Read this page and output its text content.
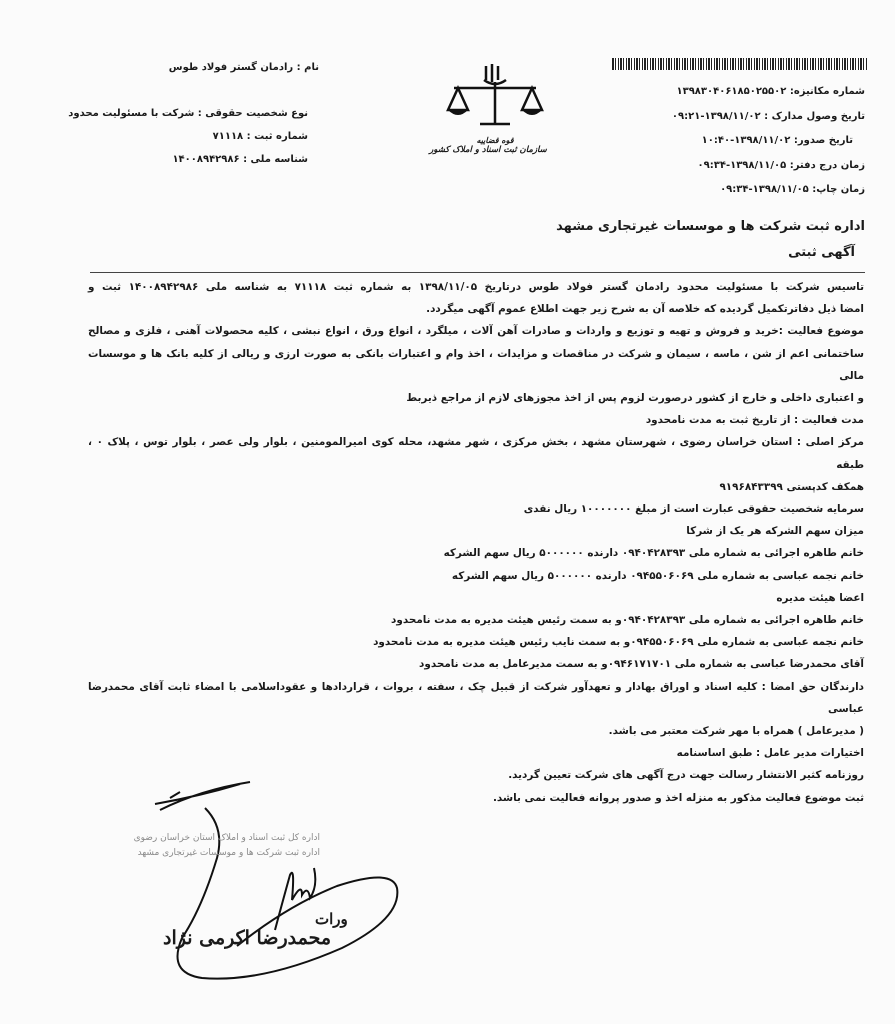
شماره مکانیزه: ۱۳۹۸۳۰۴۰۶۱۸۵۰۲۵۵۰۲
تاریخ وصول مدارک : ۱۳۹۸/۱۱/۰۲-۰۹:۲۱
تاریخ صدور: ۱۳۹۸/۱۱/۰۲-۱۰:۴۰
زمان درج دفتر: ۱۳۹۸/۱۱/۰۵-۰۹:۳۴
زمان چاپ: ۱۳۹۸/۱۱/۰۵-۰۹:۳۴
نام : رادمان گستر فولاد طوس
نوع شخصیت حقوقی : شرکت با مسئولیت محدود
شماره ثبت : ۷۱۱۱۸
شناسه ملی : ۱۴۰۰۸۹۴۲۹۸۶
قوه قضاییه
سازمان ثبت اسناد و املاک کشور
اداره ثبت شرکت ها و موسسات غیرتجاری مشهد
آگهی ثبتی
تاسیس شرکت با مسئولیت محدود رادمان گستر فولاد طوس درتاریخ ۱۳۹۸/۱۱/۰۵ به شماره ثبت ۷۱۱۱۸ به شناسه ملی ۱۴۰۰۸۹۴۲۹۸۶ ثبت و
امضا ذیل دفاترتکمیل گردیده که خلاصه آن به شرح زیر جهت اطلاع عموم آگهی میگردد.
موضوع فعالیت :خرید و فروش و تهیه و توزیع و واردات و صادرات آهن آلات ، میلگرد ، انواع ورق ، انواع نبشی ، کلیه محصولات آهنی ، فلزی و مصالح
ساختمانی اعم از شن ، ماسه ، سیمان و شرکت در مناقصات و مزایدات ، اخذ وام و اعتبارات بانکی به صورت ارزی و ریالی از کلیه بانک ها و موسسات مالی
و اعتباری داخلی و خارج از کشور درصورت لزوم پس از اخذ مجوزهای لازم از مراجع ذیربط
مدت فعالیت : از تاریخ ثبت به مدت نامحدود
مرکز اصلی : استان خراسان رضوی ، شهرستان مشهد ، بخش مرکزی ، شهر مشهد، محله کوی امیرالمومنین ، بلوار ولی عصر ، بلوار توس ، پلاک ۰ ، طبقه
همکف کدپستی ۹۱۹۶۸۴۳۳۹۹
سرمایه شخصیت حقوقی عبارت است از مبلغ ۱۰۰۰۰۰۰۰ ریال نقدی
میزان سهم الشرکه هر یک از شرکا
خانم طاهره اجرائی به شماره ملی ۰۹۴۰۴۲۸۳۹۳ دارنده ۵۰۰۰۰۰۰ ریال سهم الشرکه
خانم نجمه عباسی به شماره ملی ۰۹۴۵۵۰۶۰۶۹ دارنده ۵۰۰۰۰۰۰ ریال سهم الشرکه
اعضا هیئت مدیره
خانم طاهره اجرائی به شماره ملی ۰۹۴۰۴۲۸۳۹۳و به سمت رئیس هیئت مدیره به مدت نامحدود
خانم نجمه عباسی به شماره ملی ۰۹۴۵۵۰۶۰۶۹و به سمت نایب رئیس هیئت مدیره به مدت نامحدود
آقای محمدرضا عباسی به شماره ملی ۰۹۴۶۱۷۱۷۰۱و به سمت مدیرعامل به مدت نامحدود
دارندگان حق امضا : کلیه اسناد و اوراق بهادار و تعهدآور شرکت از قبیل چک ، سفته ، بروات ، قراردادها و عقوداسلامی با امضاء ثابت آقای محمدرضا عباسی
( مدیرعامل ) همراه با مهر شرکت معتبر می باشد.
اختیارات مدیر عامل : طبق اساسنامه
روزنامه کثیر الانتشار رسالت جهت درج آگهی های شرکت تعیین گردید.
ثبت موضوع فعالیت مذکور به منزله اخذ و صدور پروانه فعالیت نمی باشد.
اداره کل ثبت اسناد و املاک استان خراسان رضوی
اداره ثبت شرکت ها و موسسات غیرتجاری مشهد
ورات
محمدرضا اکرمی نژاد
